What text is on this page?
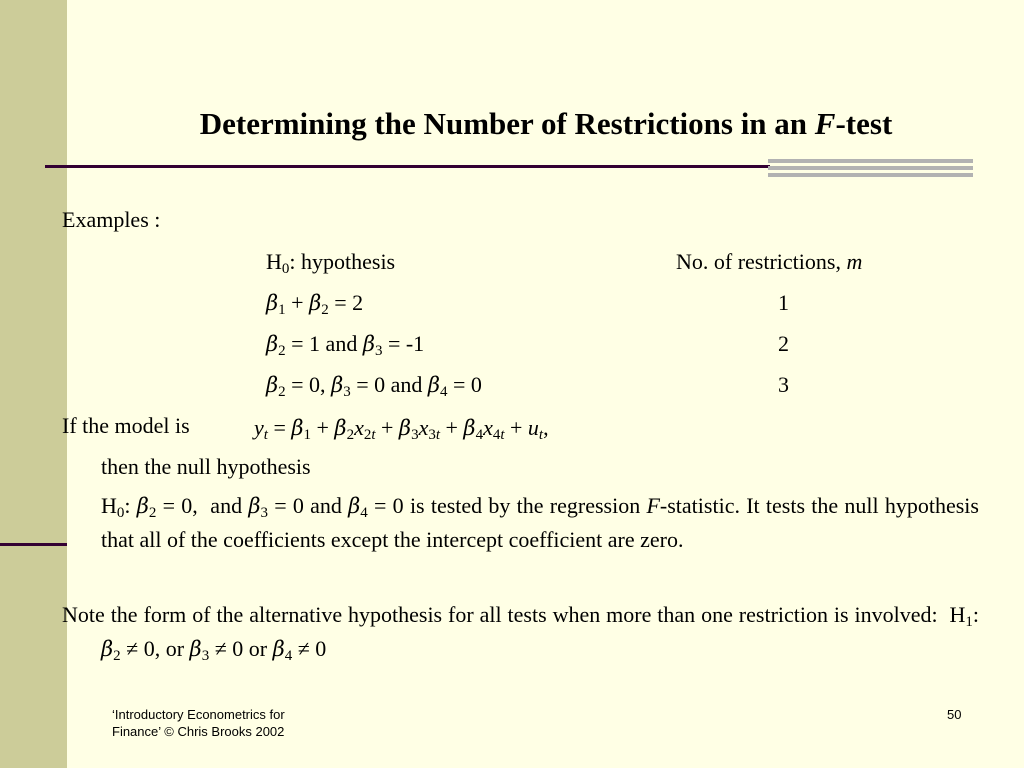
Determining the Number of Restrictions in an F-test
Examples :
$H_0$: hypothesis	No. of restrictions, m
$\beta_1 + \beta_2 = 2$	1
$\beta_2 = 1$ and $\beta_3 = -1$	2
$\beta_2 = 0$, $\beta_3 = 0$ and $\beta_4 = 0$	3
If the model is	$y_t = \beta_1 + \beta_2x_{2t} + \beta_3x_{3t} + \beta_4x_{4t} + u_t$,
then the null hypothesis
$H_0$: $\beta_2 = 0$,  and $\beta_3 = 0$ and $\beta_4 = 0$ is tested by the regression F-statistic. It tests the null hypothesis that all of the coefficients except the intercept coefficient are zero.
Note the form of the alternative hypothesis for all tests when more than one restriction is involved:  $H_1$: $\beta_2 \ne 0$, or $\beta_3 \ne 0$ or $\beta_4 \ne 0$
‘Introductory Econometrics for
Finance’ © Chris Brooks 2002
50
